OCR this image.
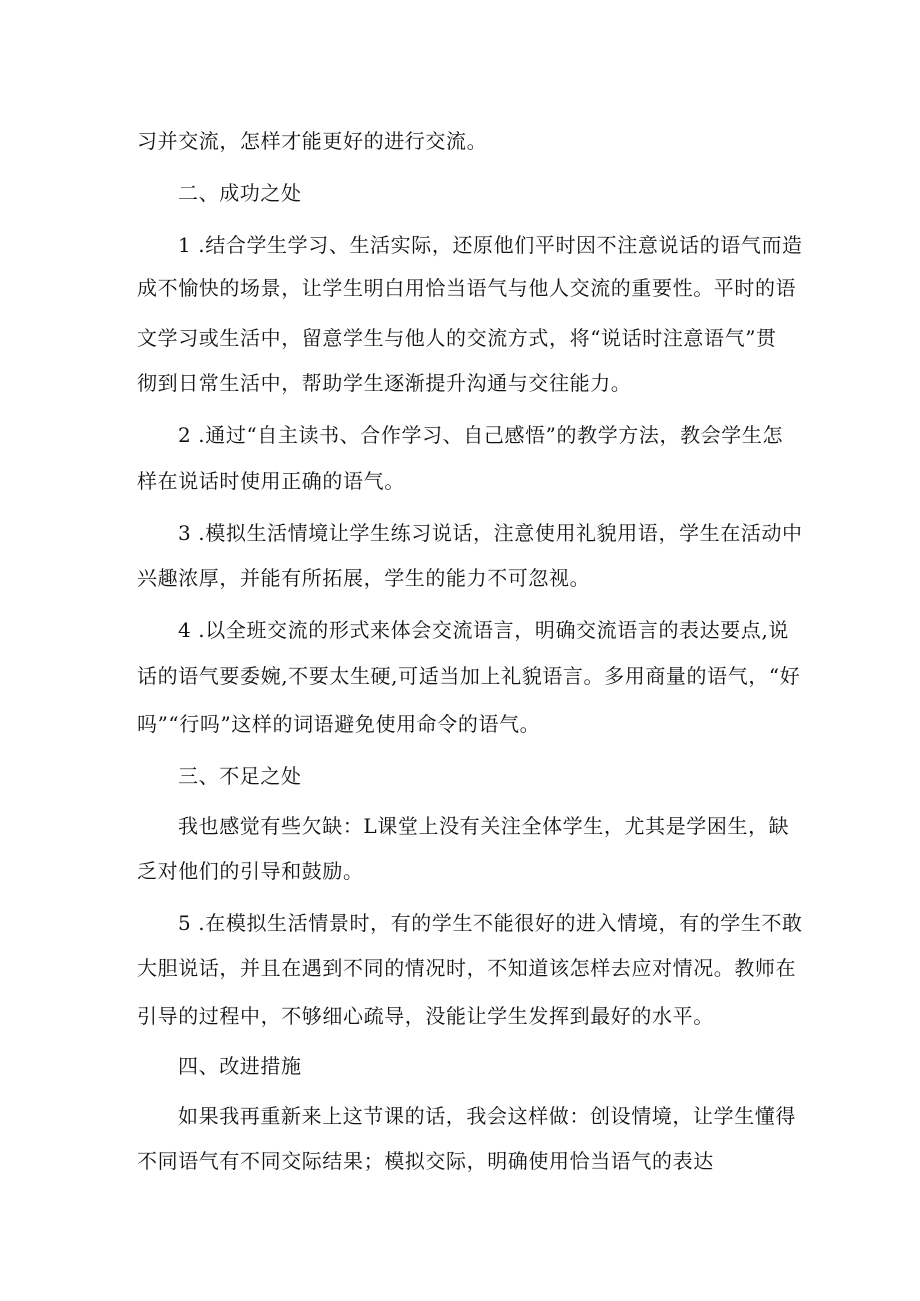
习并交流，怎样才能更好的进行交流。
二、成功之处
1 .结合学生学习、生活实际，还原他们平时因不注意说话的语气而造
成不愉快的场景，让学生明白用恰当语气与他人交流的重要性。平时的语
文学习或生活中，留意学生与他人的交流方式，将“说话时注意语气”贯
彻到日常生活中，帮助学生逐渐提升沟通与交往能力。
2 .通过“自主读书、合作学习、自己感悟”的教学方法，教会学生怎
样在说话时使用正确的语气。
3 .模拟生活情境让学生练习说话，注意使用礼貌用语，学生在活动中
兴趣浓厚，并能有所拓展，学生的能力不可忽视。
4 .以全班交流的形式来体会交流语言，明确交流语言的表达要点,说
话的语气要委婉,不要太生硬,可适当加上礼貌语言。多用商量的语气，“好
吗”“行吗”这样的词语避免使用命令的语气。
三、不足之处
我也感觉有些欠缺：L课堂上没有关注全体学生，尤其是学困生，缺
乏对他们的引导和鼓励。
5 .在模拟生活情景时，有的学生不能很好的进入情境，有的学生不敢
大胆说话，并且在遇到不同的情况时，不知道该怎样去应对情况。教师在
引导的过程中，不够细心疏导，没能让学生发挥到最好的水平。
四、改进措施
如果我再重新来上这节课的话，我会这样做：创设情境，让学生懂得
不同语气有不同交际结果；模拟交际，明确使用恰当语气的表达
